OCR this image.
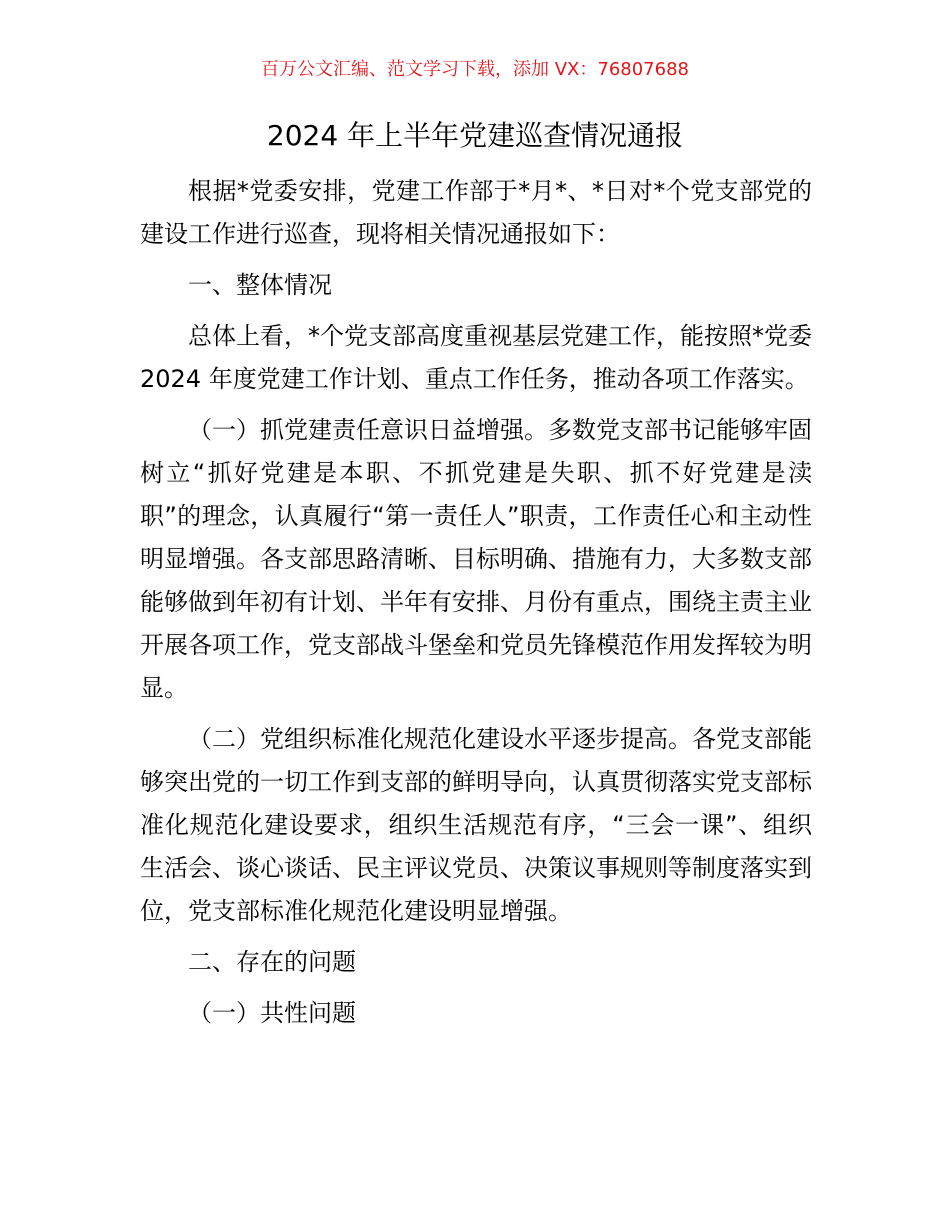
百万公文汇编、范文学习下载，添加 VX：76807688
2024 年上半年党建巡查情况通报

根据*党委安排，党建工作部于*月*、*日对*个党支部党的建设工作进行巡查，现将相关情况通报如下：

一、整体情况

总体上看，*个党支部高度重视基层党建工作，能按照*党委 2024 年度党建工作计划、重点工作任务，推动各项工作落实。

（一）抓党建责任意识日益增强。多数党支部书记能够牢固树立“抓好党建是本职、不抓党建是失职、抓不好党建是渎职”的理念，认真履行“第一责任人”职责，工作责任心和主动性明显增强。各支部思路清晰、目标明确、措施有力，大多数支部能够做到年初有计划、半年有安排、月份有重点，围绕主责主业开展各项工作，党支部战斗堡垒和党员先锋模范作用发挥较为明显。

（二）党组织标准化规范化建设水平逐步提高。各党支部能够突出党的一切工作到支部的鲜明导向，认真贯彻落实党支部标准化规范化建设要求，组织生活规范有序，“三会一课”、组织生活会、谈心谈话、民主评议党员、决策议事规则等制度落实到位，党支部标准化规范化建设明显增强。

二、存在的问题

（一）共性问题
